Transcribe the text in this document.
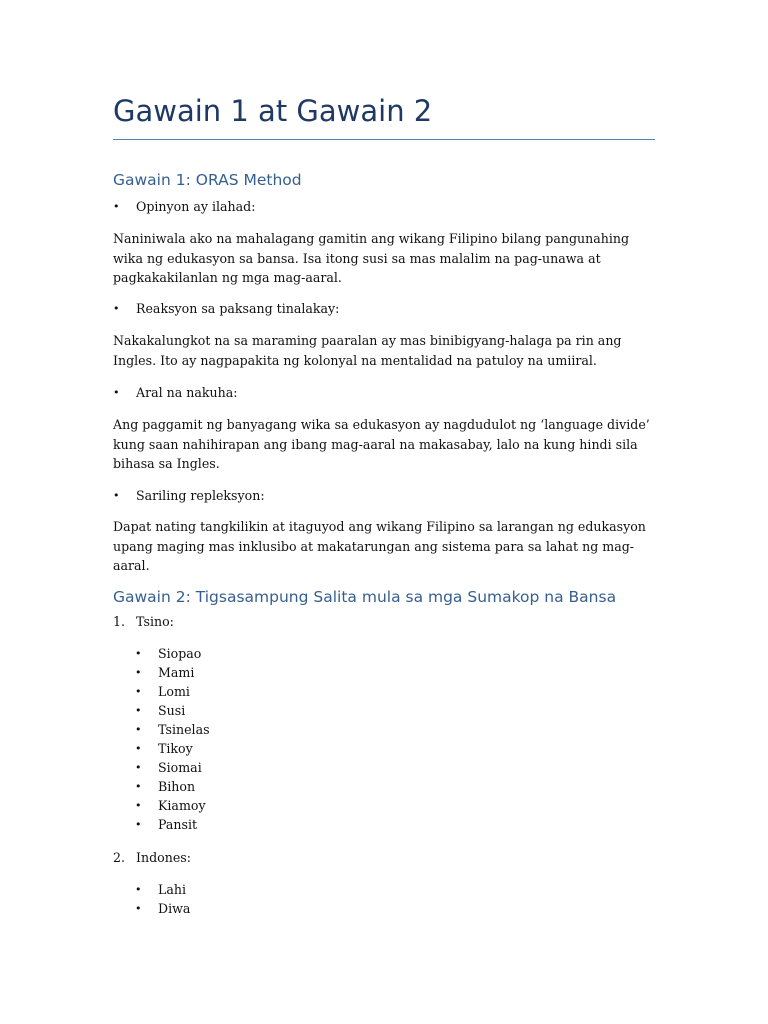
Gawain 1 at Gawain 2
Gawain 1: ORAS Method
• Opinyon ay ilahad:

Naniniwala ako na mahalagang gamitin ang wikang Filipino bilang pangunahing wika ng edukasyon sa bansa. Isa itong susi sa mas malalim na pag-unawa at pagkakakilanlan ng mga mag-aaral.

• Reaksyon sa paksang tinalakay:

Nakakalungkot na sa maraming paaralan ay mas binibigyang-halaga pa rin ang Ingles. Ito ay nagpapakita ng kolonyal na mentalidad na patuloy na umiiral.

• Aral na nakuha:

Ang paggamit ng banyagang wika sa edukasyon ay nagdudulot ng ‘language divide’ kung saan nahihirapan ang ibang mag-aaral na makasabay, lalo na kung hindi sila bihasa sa Ingles.

• Sariling repleksyon:

Dapat nating tangkilikin at itaguyod ang wikang Filipino sa larangan ng edukasyon upang maging mas inklusibo at makatarungan ang sistema para sa lahat ng mag-aaral.

Gawain 2: Tigsasampung Salita mula sa mga Sumakop na Bansa
1. Tsino:
• Siopao
• Mami
• Lomi
• Susi
• Tsinelas
• Tikoy
• Siomai
• Bihon
• Kiamoy
• Pansit
2. Indones:
• Lahi
• Diwa
